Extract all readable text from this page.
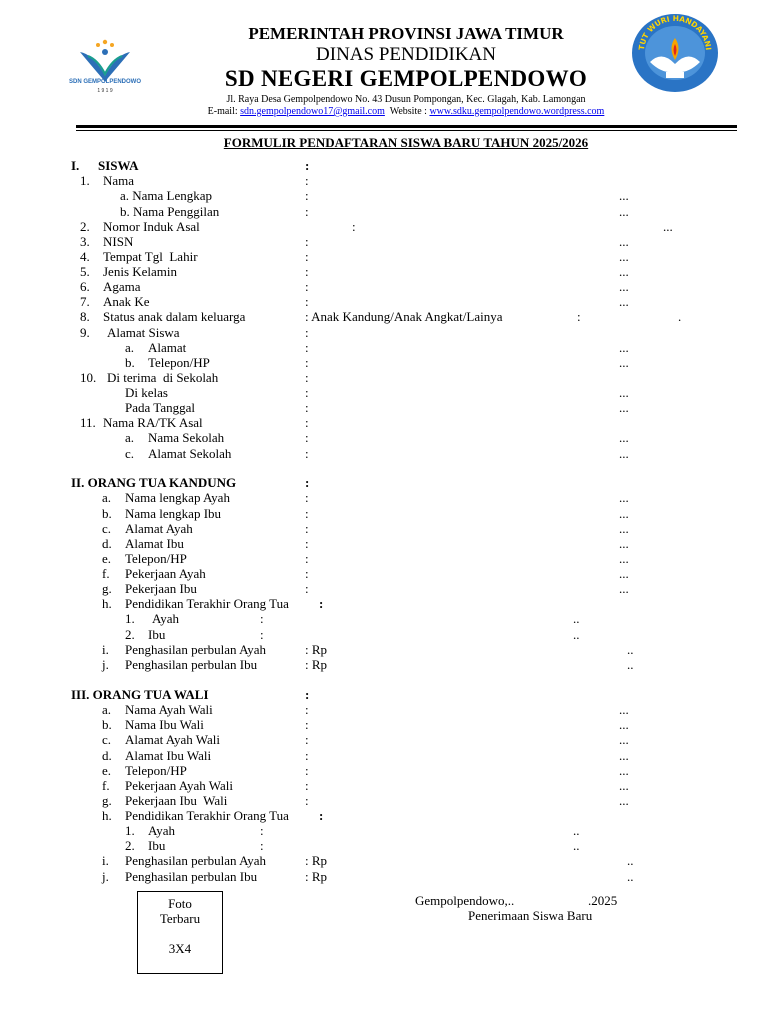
SDN GEMPOLPENDOWO
1 9 1 9
TUT WURI HANDAYANI
PEMERINTAH PROVINSI JAWA TIMUR
DINAS PENDIDIKAN
SD NEGERI GEMPOLPENDOWO
Jl. Raya Desa Gempolpendowo No. 43 Dusun Pompongan, Kec. Glagah, Kab. Lamongan
E-mail: sdn.gempolpendowo17@gmail.com  Website : www.sdku.gempolpendowo.wordpress.com
FORMULIR PENDAFTARAN SISWA BARU TAHUN 2025/2026
I. SISWA	:
1. Nama	:
a. Nama Lengkap	:	...
b. Nama Penggilan	:	...
2. Nomor Induk Asal	:	...
3. NISN	:	...
4. Tempat Tgl  Lahir	:	...
5. Jenis Kelamin	:	...
6. Agama	:	...
7. Anak Ke	:	...
8. Status anak dalam keluarga	: Anak Kandung/Anak Angkat/Lainya	:	.
9. Alamat Siswa	:
a. Alamat	:	...
b. Telepon/HP	:	...
10. Di terima  di Sekolah	:
Di kelas	:	...
Pada Tanggal	:	...
11. Nama RA/TK Asal	:
a. Nama Sekolah	:	...
c. Alamat Sekolah	:	...
II. ORANG TUA KANDUNG	:
a. Nama lengkap Ayah	:	...
b. Nama lengkap Ibu	:	...
c. Alamat Ayah	:	...
d. Alamat Ibu	:	...
e. Telepon/HP	:	...
f. Pekerjaan Ayah	:	...
g. Pekerjaan Ibu	:	...
h. Pendidikan Terakhir Orang Tua :
1. Ayah	:	..
2. Ibu	:	..
i. Penghasilan perbulan Ayah	: Rp	..
j. Penghasilan perbulan Ibu	: Rp	..
III. ORANG TUA WALI	:
a. Nama Ayah Wali	:	...
b. Nama Ibu Wali	:	...
c. Alamat Ayah Wali	:	...
d. Alamat Ibu Wali	:	...
e. Telepon/HP	:	...
f. Pekerjaan Ayah Wali	:	...
g. Pekerjaan Ibu  Wali	:	...
h. Pendidikan Terakhir Orang Tua :
1. Ayah	:	..
2. Ibu	:	..
i. Penghasilan perbulan Ayah	: Rp	..
j. Penghasilan perbulan Ibu	: Rp	..
Foto
Terbaru
3X4
Gempolpendowo,..	.2025
Penerimaan Siswa Baru
